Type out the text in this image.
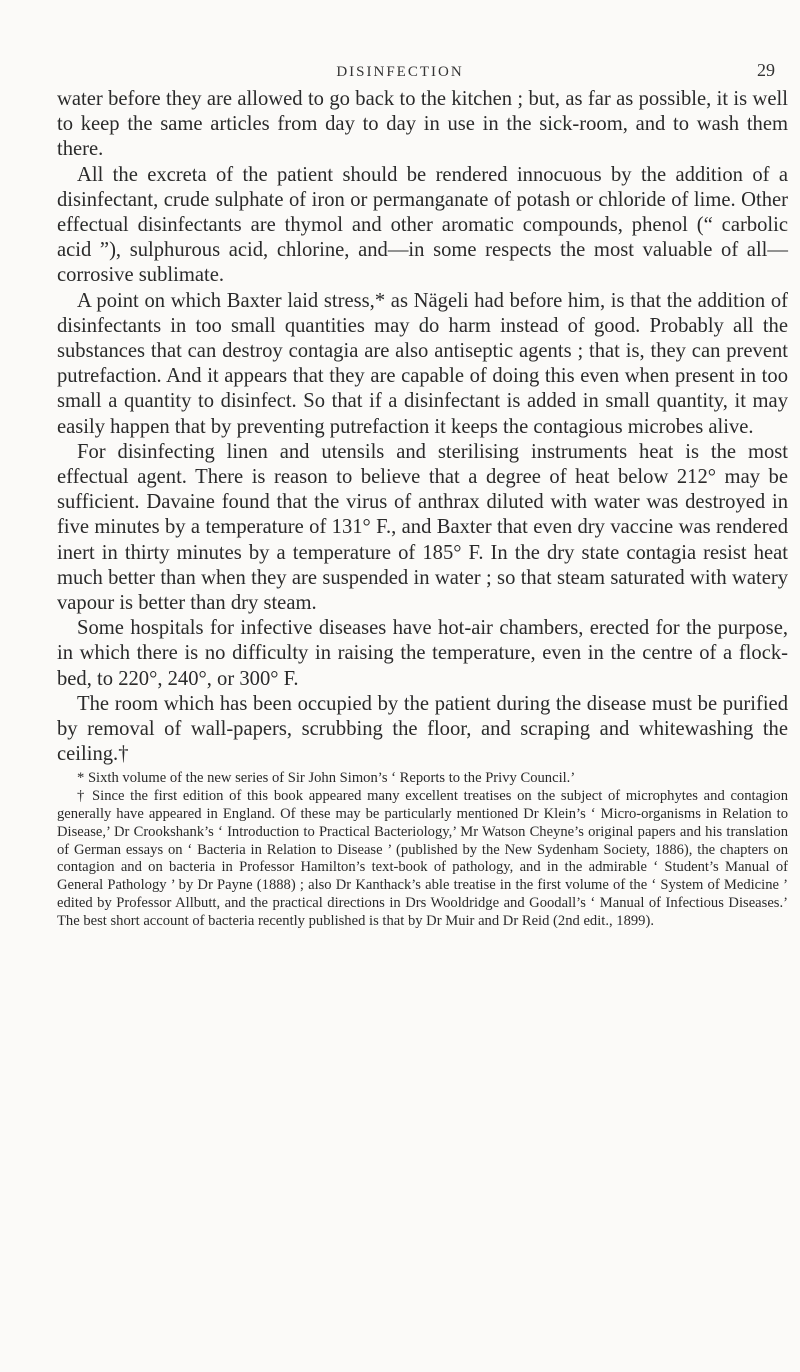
DISINFECTION	29

water before they are allowed to go back to the kitchen ; but, as far as possible, it is well to keep the same articles from day to day in use in the sick-room, and to wash them there.

All the excreta of the patient should be rendered innocuous by the addition of a disinfectant, crude sulphate of iron or permanganate of potash or chloride of lime. Other effectual disinfectants are thymol and other aromatic compounds, phenol (“ carbolic acid ”), sulphurous acid, chlorine, and—in some respects the most valuable of all—corrosive sublimate.

A point on which Baxter laid stress,* as Nägeli had before him, is that the addition of disinfectants in too small quantities may do harm instead of good. Probably all the substances that can destroy contagia are also antiseptic agents ; that is, they can prevent putrefaction. And it appears that they are capable of doing this even when present in too small a quantity to disinfect. So that if a disinfectant is added in small quantity, it may easily happen that by preventing putrefaction it keeps the contagious microbes alive.

For disinfecting linen and utensils and sterilising instruments heat is the most effectual agent. There is reason to believe that a degree of heat below 212° may be sufficient. Davaine found that the virus of anthrax diluted with water was destroyed in five minutes by a temperature of 131° F., and Baxter that even dry vaccine was rendered inert in thirty minutes by a temperature of 185° F. In the dry state contagia resist heat much better than when they are suspended in water ; so that steam saturated with watery vapour is better than dry steam.

Some hospitals for infective diseases have hot-air chambers, erected for the purpose, in which there is no difficulty in raising the temperature, even in the centre of a flock-bed, to 220°, 240°, or 300° F.

The room which has been occupied by the patient during the disease must be purified by removal of wall-papers, scrubbing the floor, and scraping and whitewashing the ceiling.†

* Sixth volume of the new series of Sir John Simon’s ‘ Reports to the Privy Council.’

† Since the first edition of this book appeared many excellent treatises on the subject of microphytes and contagion generally have appeared in England. Of these may be particularly mentioned Dr Klein’s ‘ Micro-organisms in Relation to Disease,’ Dr Crookshank’s ‘ Introduction to Practical Bacteriology,’ Mr Watson Cheyne’s original papers and his translation of German essays on ‘ Bacteria in Relation to Disease ’ (published by the New Sydenham Society, 1886), the chapters on contagion and on bacteria in Professor Hamilton’s text-book of pathology, and in the admirable ‘ Student’s Manual of General Pathology ’ by Dr Payne (1888) ; also Dr Kanthack’s able treatise in the first volume of the ‘ System of Medicine ’ edited by Professor Allbutt, and the practical directions in Drs Wooldridge and Goodall’s ‘ Manual of Infectious Diseases.’ The best short account of bacteria recently published is that by Dr Muir and Dr Reid (2nd edit., 1899).
